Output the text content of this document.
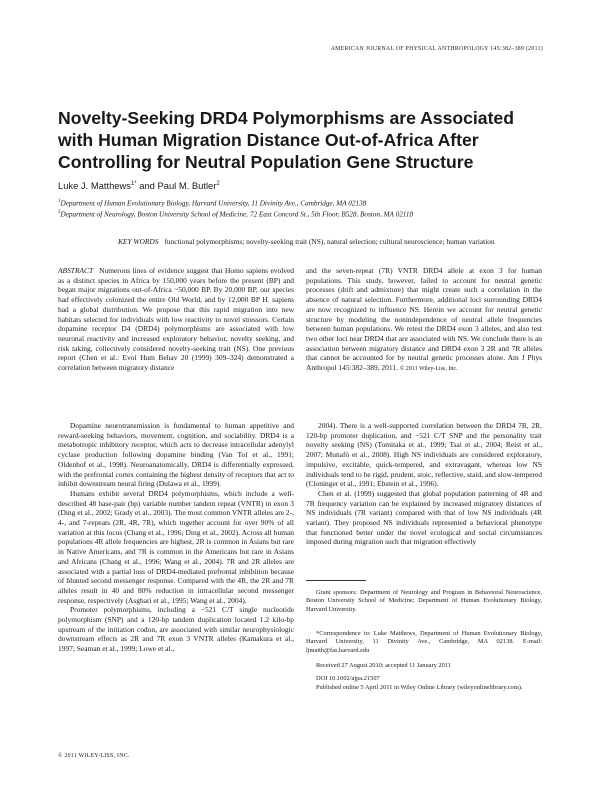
AMERICAN JOURNAL OF PHYSICAL ANTHROPOLOGY 145:382–389 (2011)
Novelty-Seeking DRD4 Polymorphisms are Associated with Human Migration Distance Out-of-Africa After Controlling for Neutral Population Gene Structure
Luke J. Matthews$^{1*}$ and Paul M. Butler$^2$
$^1$Department of Human Evolutionary Biology, Harvard University, 11 Divinity Ave., Cambridge, MA 02138
$^2$Department of Neurology, Boston University School of Medicine, 72 East Concord St., 5th Floor, B528, Boston, MA 02118
KEY WORDS functional polymorphisms; novelty-seeking trait (NS), natural selection; cultural neuroscience; human variation
ABSTRACT Numerous lines of evidence suggest that Homo sapiens evolved as a distinct species in Africa by 150,000 years before the present (BP) and began major migrations out-of-Africa ~50,000 BP. By 20,000 BP, our species had effectively colonized the entire Old World, and by 12,000 BP H. sapiens had a global distribution. We propose that this rapid migration into new habitats selected for individuals with low reactivity to novel stressors. Certain dopamine receptor D4 (DRD4) polymorphisms are associated with low neuronal reactivity and increased exploratory behavior, novelty seeking, and risk taking, collectively considered novelty-seeking trait (NS). One previous report (Chen et al.: Evol Hum Behav 20 (1999) 309–324) demonstrated a correlation between migratory distance
and the seven-repeat (7R) VNTR DRD4 allele at exon 3 for human populations. This study, however, failed to account for neutral genetic processes (drift and admixture) that might create such a correlation in the absence of natural selection. Furthermore, additional loci surrounding DRD4 are now recognized to influence NS. Herein we account for neutral genetic structure by modeling the nonindependence of neutral allele frequencies between human populations. We retest the DRD4 exon 3 alleles, and also test two other loci near DRD4 that are associated with NS. We conclude there is an association between migratory distance and DRD4 exon 3 2R and 7R alleles that cannot be accounted for by neutral genetic processes alone. Am J Phys Anthropol 145:382–389, 2011. © 2011 Wiley-Liss, Inc.

Dopamine neurotransmission is fundamental to human appetitive and reward-seeking behaviors, movement, cognition, and sociability. DRD4 is a metabotropic inhibitory receptor, which acts to decrease intracellular adenylyl cyclase production following dopamine binding (Van Tol et al., 1991; Oldenhof et al., 1998). Neuroanatomically, DRD4 is differentially expressed, with the prefrontal cortex containing the highest density of receptors that act to inhibit downstream neural firing (Dulawa et al., 1999).

Humans exhibit several DRD4 polymorphisms, which include a well-described 48 base-pair (bp) variable number tandem repeat (VNTR) in exon 3 (Ding et al., 2002; Grady et al., 2003). The most common VNTR alleles are 2-, 4-, and 7-repeats (2R, 4R, 7R), which together account for over 90% of all variation at this locus (Chang et al., 1996; Ding et al., 2002). Across all human populations 4R allele frequencies are highest, 2R is common in Asians but rare in Native Americans, and 7R is common in the Americans but rare in Asians and Africans (Chang et al., 1996; Wang et al., 2004). 7R and 2R alleles are associated with a partial loss of DRD4-mediated prefrontal inhibition because of blunted second messenger response. Compared with the 4R, the 2R and 7R alleles result in 40 and 80% reduction in intracellular second messenger response, respectively (Asghari et al., 1995; Wang et al., 2004).

Promoter polymorphisms, including a −521 C/T single nucleotide polymorphism (SNP) and a 120-bp tandem duplication located 1.2 kilo-bp upstream of the initiation codon, are associated with similar neurophysiologic downstream effects as 2R and 7R exon 3 VNTR alleles (Kamakura et al., 1997; Seaman et al., 1999; Lowe et al.,

2004). There is a well-supported correlation between the DRD4 7R, 2R, 120-bp promoter duplication, and −521 C/T SNP and the personality trait novelty seeking (NS) (Tomitaka et al., 1999; Tsai et al., 2004; Reist et al., 2007; Munafò et al., 2008). High NS individuals are considered exploratory, impulsive, excitable, quick-tempered, and extravagant, whereas low NS individuals tend to be rigid, prudent, stoic, reflective, staid, and slow-tempered (Cloninger et al., 1991; Ebstein et al., 1996).

Chen et al. (1999) suggested that global population patterning of 4R and 7R frequency variation can be explained by increased migratory distances of NS individuals (7R variant) compared with that of low NS individuals (4R variant). They proposed NS individuals represented a behavioral phenotype that functioned better under the novel ecological and social circumstances imposed during migration such that migration effectively

Grant sponsors: Department of Neurology and Program in Behavioral Neuroscience, Boston University School of Medicine; Department of Human Evolutionary Biology, Harvard University.

*Correspondence to: Luke Matthews, Department of Human Evolutionary Biology, Harvard University, 11 Divinity Ave., Cambridge, MA 02138. E-mail: ljmatth@fas.harvard.edu

Received 27 August 2010; accepted 11 January 2011

DOI 10.1002/ajpa.21507

Published online 5 April 2011 in Wiley Online Library (wileyonlinelibrary.com).

© 2011 WILEY-LISS, INC.
